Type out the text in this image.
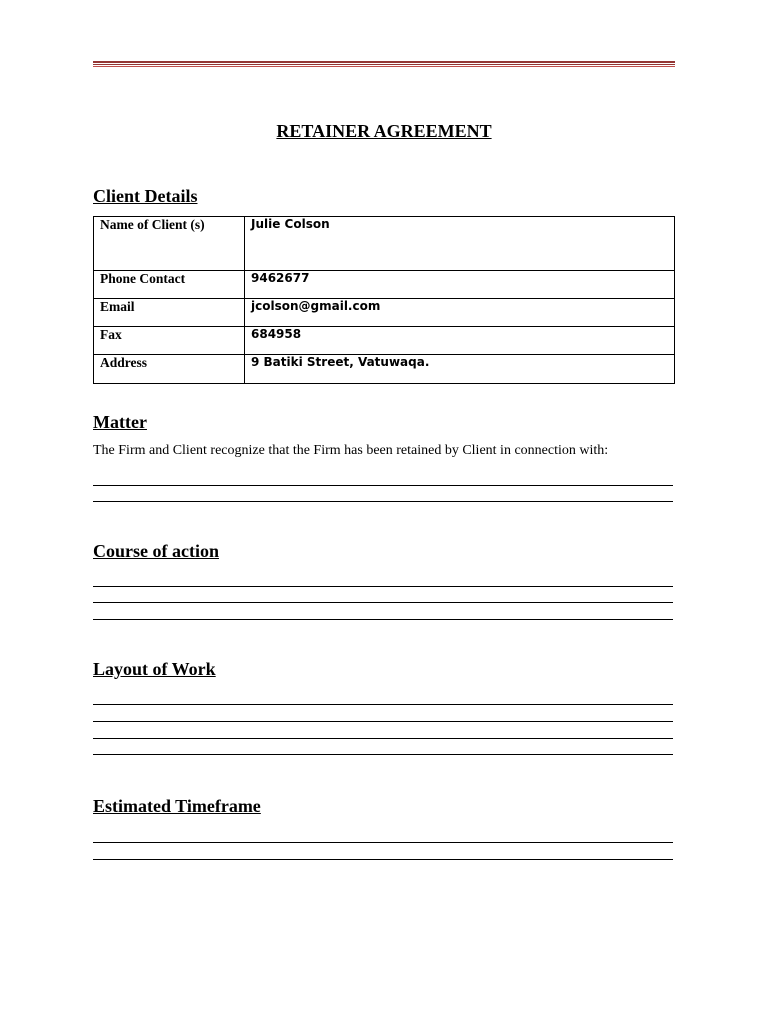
RETAINER AGREEMENT
Client Details
Name of Client (s)	Julie Colson
Phone Contact	9462677
Email	jcolson@gmail.com
Fax	684958
Address	9 Batiki Street, Vatuwaqa.
Matter
The Firm and Client recognize that the Firm has been retained by Client in connection with:
Course of action
Layout of Work
Estimated Timeframe
